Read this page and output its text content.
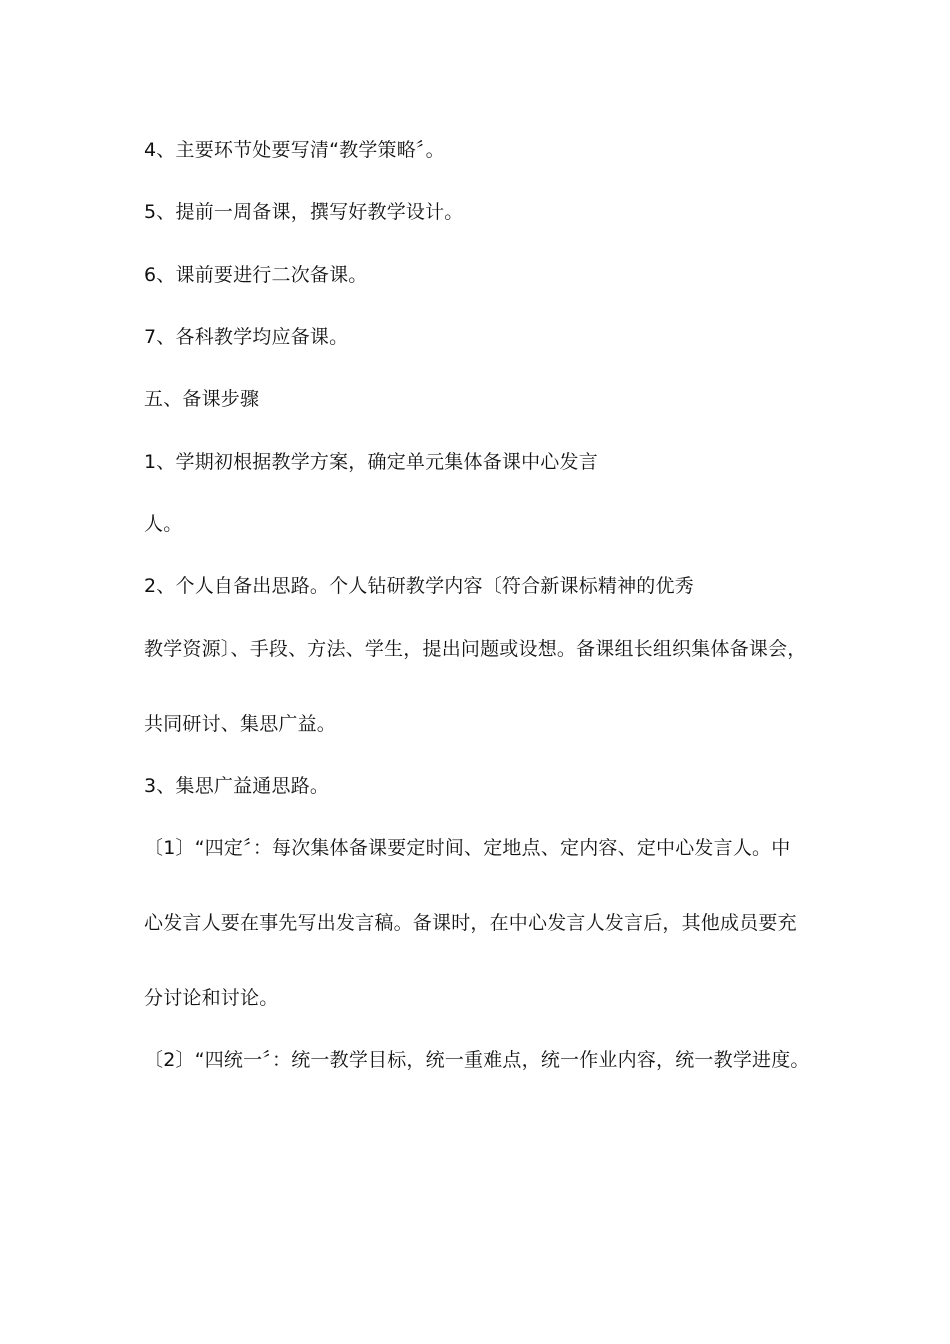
4、主要环节处要写清“教学策略〞。
5、提前一周备课，撰写好教学设计。
6、课前要进行二次备课。
7、各科教学均应备课。
五、备课步骤
1、学期初根据教学方案，确定单元集体备课中心发言
人。
2、个人自备出思路。个人钻研教学内容〔符合新课标精神的优秀
教学资源〕、手段、方法、学生，提出问题或设想。备课组长组织集体备课会，
共同研讨、集思广益。
3、集思广益通思路。
〔1〕“四定〞：每次集体备课要定时间、定地点、定内容、定中心发言人。中
心发言人要在事先写出发言稿。备课时，在中心发言人发言后，其他成员要充
分讨论和讨论。
〔2〕“四统一〞：统一教学目标，统一重难点，统一作业内容，统一教学进度。
